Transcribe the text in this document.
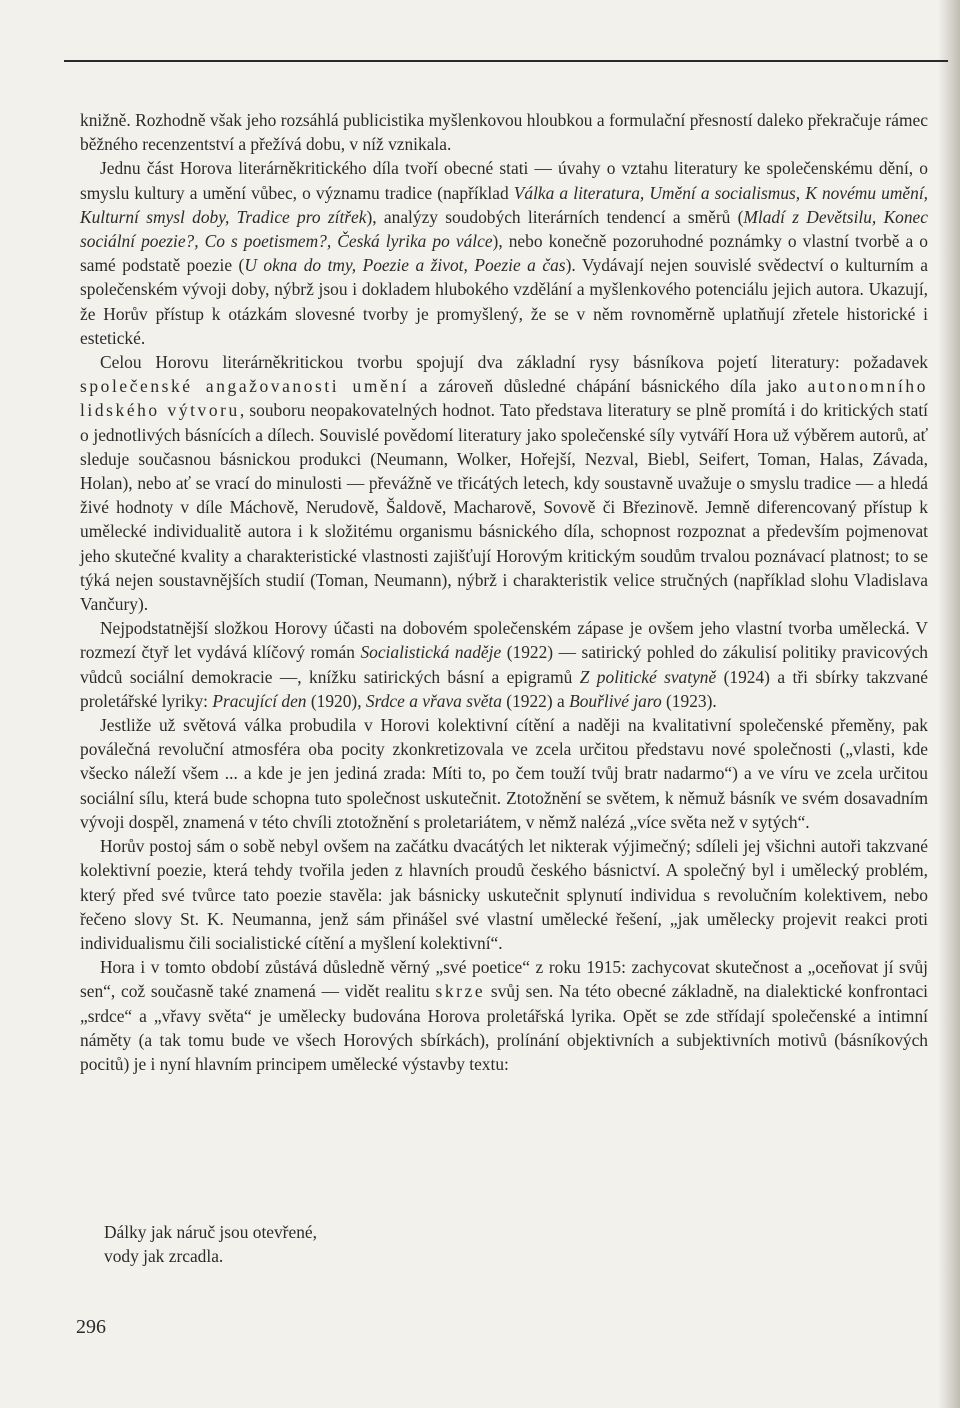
knižně. Rozhodně však jeho rozsáhlá publicistika myšlenkovou hloubkou a formulační přesností daleko překračuje rámec běžného recenzentství a přežívá dobu, v níž vznikala.

Jednu část Horova literárněkritického díla tvoří obecné stati — úvahy o vztahu literatury ke společenskému dění, o smyslu kultury a umění vůbec, o významu tradice (například Válka a literatura, Umění a socialismus, K novému umění, Kulturní smysl doby, Tradice pro zítřek), analýzy soudobých literárních tendencí a směrů (Mladí z Devětsilu, Konec sociální poezie?, Co s poetismem?, Česká lyrika po válce), nebo konečně pozoruhodné poznámky o vlastní tvorbě a o samé podstatě poezie (U okna do tmy, Poezie a život, Poezie a čas). Vydávají nejen souvislé svědectví o kulturním a společenském vývoji doby, nýbrž jsou i dokladem hlubokého vzdělání a myšlenkového potenciálu jejich autora. Ukazují, že Horův přístup k otázkám slovesné tvorby je promyšlený, že se v něm rovnoměrně uplatňují zřetele historické i estetické.

Celou Horovu literárněkritickou tvorbu spojují dva základní rysy básníkova pojetí literatury: požadavek společenské angažovanosti umění a zároveň důsledné chápání básnického díla jako autonomního lidského výtvoru, souboru neopakovatelných hodnot. Tato představa literatury se plně promítá i do kritických statí o jednotlivých básnících a dílech. Souvislé povědomí literatury jako společenské síly vytváří Hora už výběrem autorů, ať sleduje současnou básnickou produkci (Neumann, Wolker, Hořejší, Nezval, Biebl, Seifert, Toman, Halas, Závada, Holan), nebo ať se vrací do minulosti — převážně ve třicátých letech, kdy soustavně uvažuje o smyslu tradice — a hledá živé hodnoty v díle Máchově, Nerudově, Šaldově, Macharově, Sovově či Březinově. Jemně diferencovaný přístup k umělecké individualitě autora i k složitému organismu básnického díla, schopnost rozpoznat a především pojmenovat jeho skutečné kvality a charakteristické vlastnosti zajišťují Horovým kritickým soudům trvalou poznávací platnost; to se týká nejen soustavnějších studií (Toman, Neumann), nýbrž i charakteristik velice stručných (například slohu Vladislava Vančury).

Nejpodstatnější složkou Horovy účasti na dobovém společenském zápase je ovšem jeho vlastní tvorba umělecká. V rozmezí čtyř let vydává klíčový román Socialistická naděje (1922) — satirický pohled do zákulisí politiky pravicových vůdců sociální demokracie —, knížku satirických básní a epigramů Z politické svatyně (1924) a tři sbírky takzvané proletářské lyriky: Pracující den (1920), Srdce a vřava světa (1922) a Bouřlivé jaro (1923).

Jestliže už světová válka probudila v Horovi kolektivní cítění a naději na kvalitativní společenské přeměny, pak poválečná revoluční atmosféra oba pocity zkonkretizovala ve zcela určitou představu nové společnosti („vlasti, kde všecko náleží všem ... a kde je jen jediná zrada: Míti to, po čem touží tvůj bratr nadarmo“) a ve víru ve zcela určitou sociální sílu, která bude schopna tuto společnost uskutečnit. Ztotožnění se světem, k němuž básník ve svém dosavadním vývoji dospěl, znamená v této chvíli ztotožnění s proletariátem, v němž nalézá „více světa než v sytých“.

Horův postoj sám o sobě nebyl ovšem na začátku dvacátých let nikterak výjimečný; sdíleli jej všichni autoři takzvané kolektivní poezie, která tehdy tvořila jeden z hlavních proudů českého básnictví. A společný byl i umělecký problém, který před své tvůrce tato poezie stavěla: jak básnicky uskutečnit splynutí individua s revolučním kolektivem, nebo řečeno slovy St. K. Neumanna, jenž sám přinášel své vlastní umělecké řešení, „jak umělecky projevit reakci proti individualismu čili socialistické cítění a myšlení kolektivní“.

Hora i v tomto období zůstává důsledně věrný „své poetice“ z roku 1915: zachycovat skutečnost a „oceňovat jí svůj sen“, což současně také znamená — vidět realitu skrze svůj sen. Na této obecné základně, na dialektické konfrontaci „srdce“ a „vřavy světa“ je umělecky budována Horova proletářská lyrika. Opět se zde střídají společenské a intimní náměty (a tak tomu bude ve všech Horových sbírkách), prolínání objektivních a subjektivních motivů (básníkových pocitů) je i nyní hlavním principem umělecké výstavby textu:

Dálky jak náruč jsou otevřené,
vody jak zrcadla.
296
